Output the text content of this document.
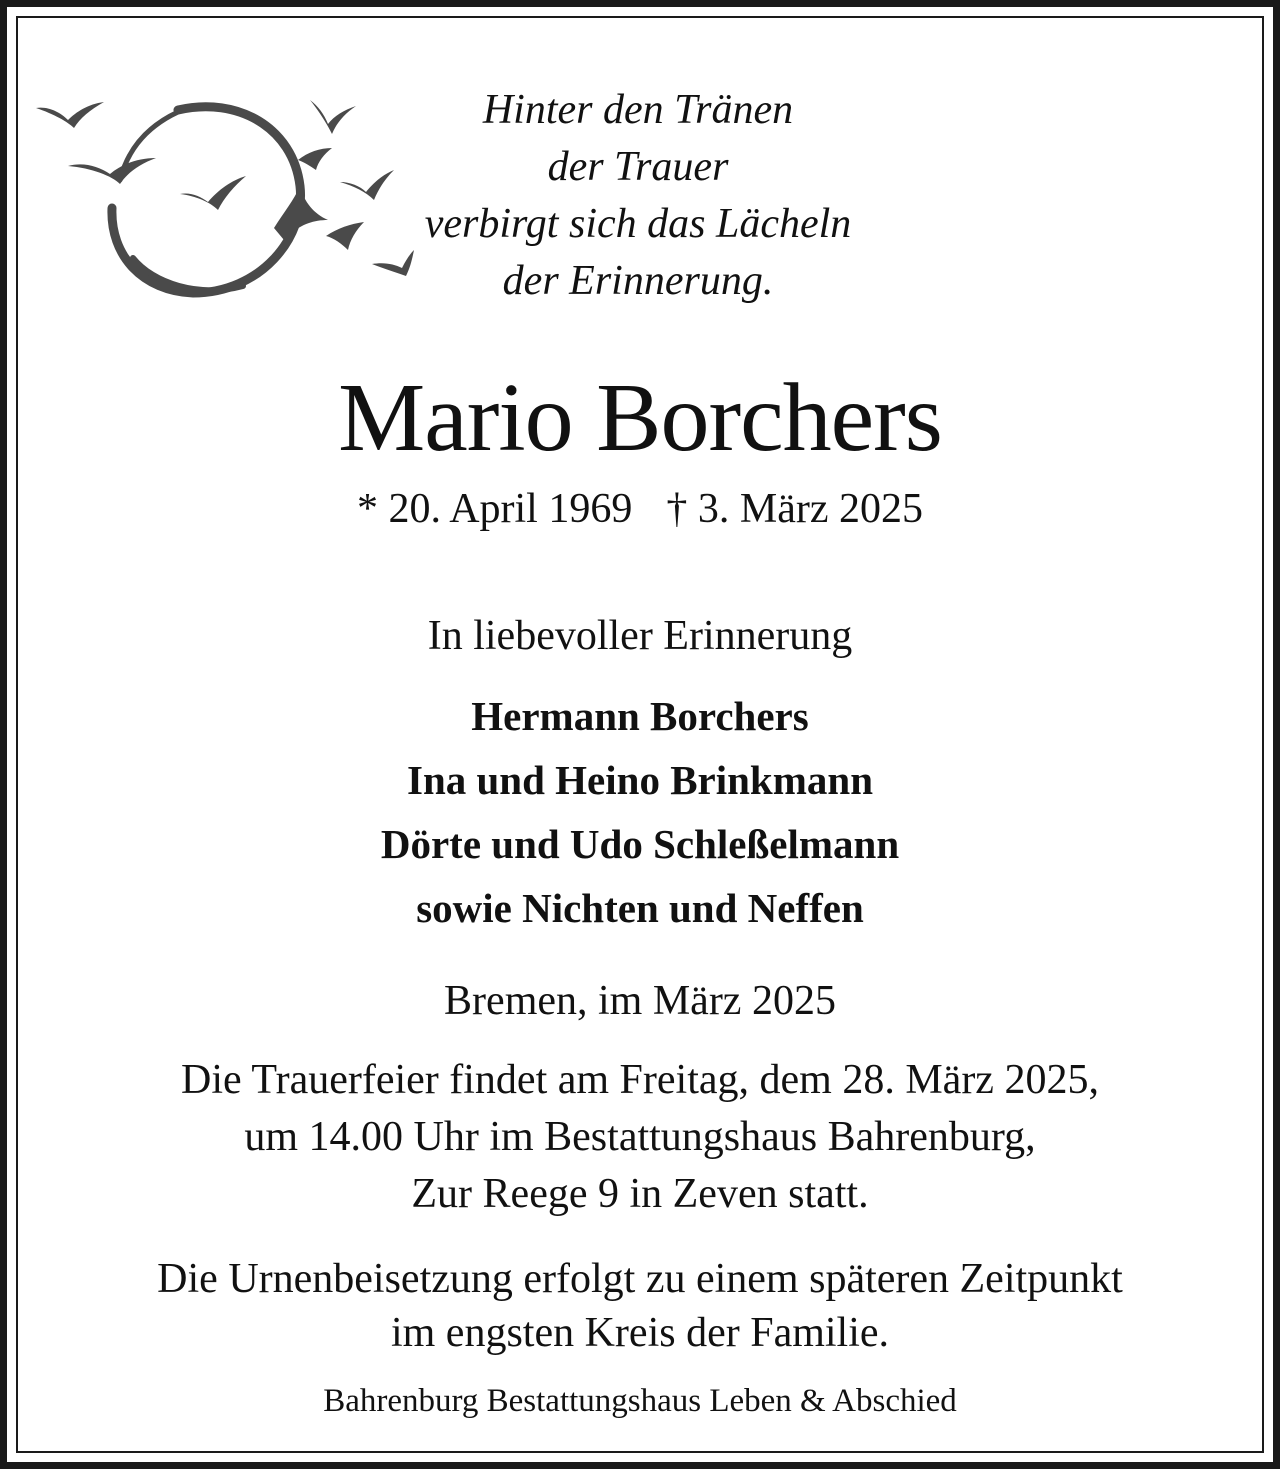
Hinter den Tränen
der Trauer
verbirgt sich das Lächeln
der Erinnerung.
Mario Borchers
* 20. April 1969 † 3. März 2025
In liebevoller Erinnerung
Hermann Borchers
Ina und Heino Brinkmann
Dörte und Udo Schleßelmann
sowie Nichten und Neffen
Bremen, im März 2025
Die Trauerfeier findet am Freitag, dem 28. März 2025,
um 14.00 Uhr im Bestattungshaus Bahrenburg,
Zur Reege 9 in Zeven statt.
Die Urnenbeisetzung erfolgt zu einem späteren Zeitpunkt
im engsten Kreis der Familie.
Bahrenburg Bestattungshaus Leben & Abschied
